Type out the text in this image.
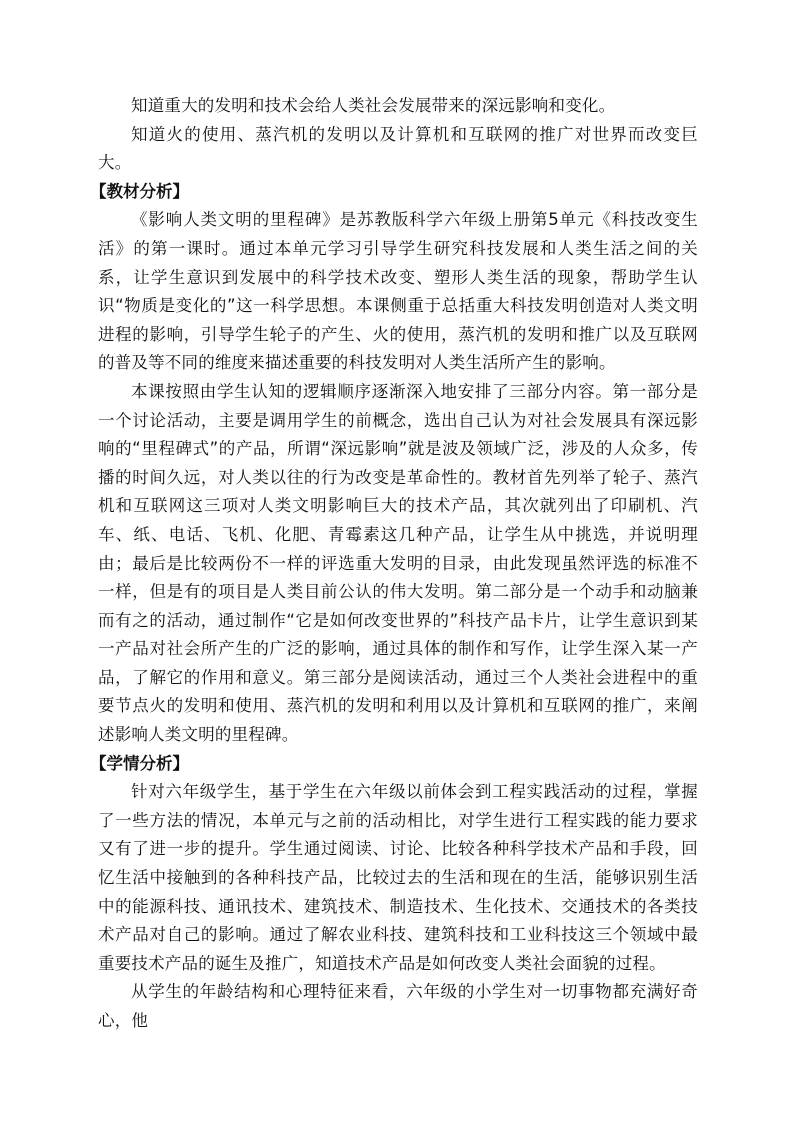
知道重大的发明和技术会给人类社会发展带来的深远影响和变化。

知道火的使用、蒸汽机的发明以及计算机和互联网的推广对世界而改变巨大。

【教材分析】

《影响人类文明的里程碑》是苏教版科学六年级上册第5单元《科技改变生活》的第一课时。通过本单元学习引导学生研究科技发展和人类生活之间的关系，让学生意识到发展中的科学技术改变、塑形人类生活的现象，帮助学生认识“物质是变化的”这一科学思想。本课侧重于总括重大科技发明创造对人类文明进程的影响，引导学生轮子的产生、火的使用，蒸汽机的发明和推广以及互联网的普及等不同的维度来描述重要的科技发明对人类生活所产生的影响。

本课按照由学生认知的逻辑顺序逐渐深入地安排了三部分内容。第一部分是一个讨论活动，主要是调用学生的前概念，选出自己认为对社会发展具有深远影响的“里程碑式”的产品，所谓“深远影响”就是波及领域广泛，涉及的人众多，传播的时间久远，对人类以往的行为改变是革命性的。教材首先列举了轮子、蒸汽机和互联网这三项对人类文明影响巨大的技术产品，其次就列出了印刷机、汽车、纸、电话、飞机、化肥、青霉素这几种产品，让学生从中挑选，并说明理由；最后是比较两份不一样的评选重大发明的目录，由此发现虽然评选的标准不一样，但是有的项目是人类目前公认的伟大发明。第二部分是一个动手和动脑兼而有之的活动，通过制作“它是如何改变世界的”科技产品卡片，让学生意识到某一产品对社会所产生的广泛的影响，通过具体的制作和写作，让学生深入某一产品，了解它的作用和意义。第三部分是阅读活动，通过三个人类社会进程中的重要节点火的发明和使用、蒸汽机的发明和利用以及计算机和互联网的推广，来阐述影响人类文明的里程碑。

【学情分析】

针对六年级学生，基于学生在六年级以前体会到工程实践活动的过程，掌握了一些方法的情况，本单元与之前的活动相比，对学生进行工程实践的能力要求又有了进一步的提升。学生通过阅读、讨论、比较各种科学技术产品和手段，回忆生活中接触到的各种科技产品，比较过去的生活和现在的生活，能够识别生活中的能源科技、通讯技术、建筑技术、制造技术、生化技术、交通技术的各类技术产品对自己的影响。通过了解农业科技、建筑科技和工业科技这三个领域中最重要技术产品的诞生及推广，知道技术产品是如何改变人类社会面貌的过程。

从学生的年龄结构和心理特征来看，六年级的小学生对一切事物都充满好奇心，他
